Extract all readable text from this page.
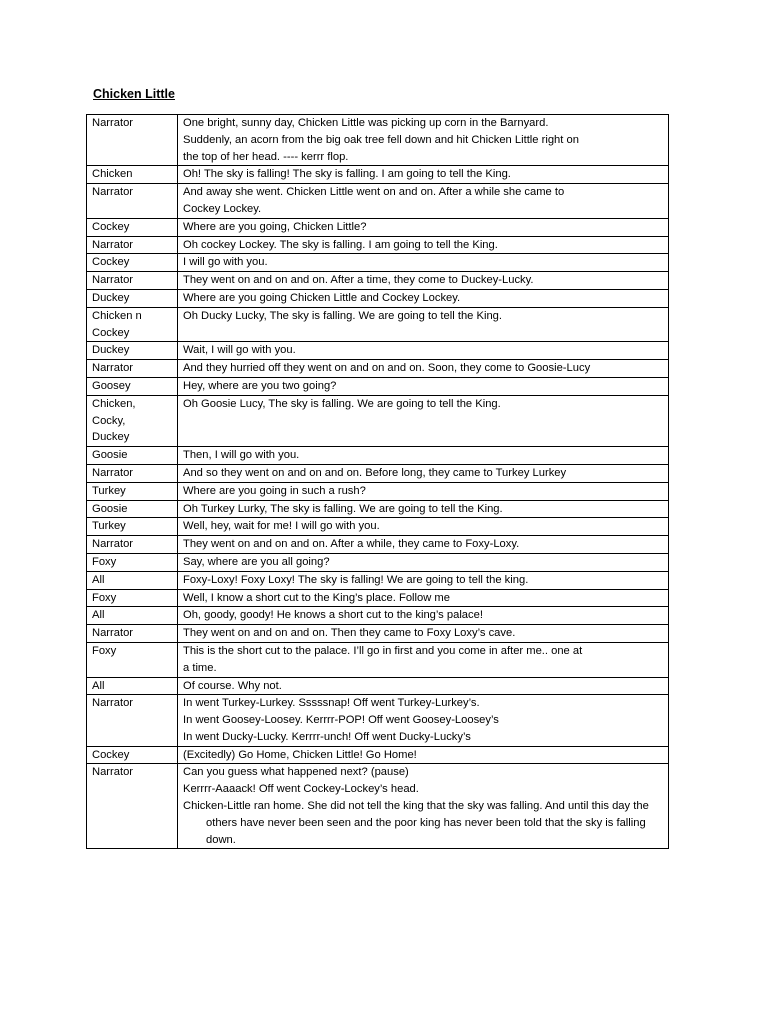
Chicken Little
Narrator	One bright, sunny day, Chicken Little was picking up corn in the Barnyard.
Suddenly, an acorn from the big oak tree fell down and hit Chicken Little right on
the top of her head. ---- kerrr flop.

Chicken	Oh! The sky is falling! The sky is falling. I am going to tell the King.

Narrator	And away she went. Chicken Little went on and on. After a while she came to
Cockey Lockey.

Cockey	Where are you going, Chicken Little?

Narrator	Oh cockey Lockey. The sky is falling. I am going to tell the King.

Cockey	I will go with you.

Narrator	They went on and on and on. After a time, they come to Duckey-Lucky.

Duckey	Where are you going Chicken Little and Cockey Lockey.

Chicken n
Cockey	Oh Ducky Lucky, The sky is falling. We are going to tell the King.

Duckey	Wait, I will go with you.

Narrator	And they hurried off they went on and on and on. Soon, they come to Goosie-Lucy

Goosey	Hey, where are you two going?

Chicken,
Cocky,
Duckey	Oh Goosie Lucy, The sky is falling. We are going to tell the King.

Goosie	Then, I will go with you.

Narrator	And so they went on and on and on. Before long, they came to Turkey Lurkey

Turkey	Where are you going in such a rush?

Goosie	Oh Turkey Lurky, The sky is falling. We are going to tell the King.

Turkey	Well, hey, wait for me! I will go with you.

Narrator	They went on and on and on. After a while, they came to Foxy-Loxy.

Foxy	Say, where are you all going?

All	Foxy-Loxy! Foxy Loxy! The sky is falling! We are going to tell the king.

Foxy	Well, I know a short cut to the King’s place. Follow me

All	Oh, goody, goody! He knows a short cut to the king’s palace!

Narrator	They went on and on and on. Then they came to Foxy Loxy’s cave.

Foxy	This is the short cut to the palace. I’ll go in first and you come in after me.. one at
a time.

All	Of course. Why not.

Narrator	In went Turkey-Lurkey. Sssssnap! Off went Turkey-Lurkey’s.
In went Goosey-Loosey. Kerrrr-POP! Off went Goosey-Loosey’s
In went Ducky-Lucky. Kerrrr-unch! Off went Ducky-Lucky’s

Cockey	(Excitedly) Go Home, Chicken Little! Go Home!

Narrator	Can you guess what happened next? (pause)
Kerrrr-Aaaack! Off went Cockey-Lockey’s head.
Chicken-Little ran home. She did not tell the king that the sky was falling. And until this day the others have never been seen and the poor king has never been told that the sky is falling down.
